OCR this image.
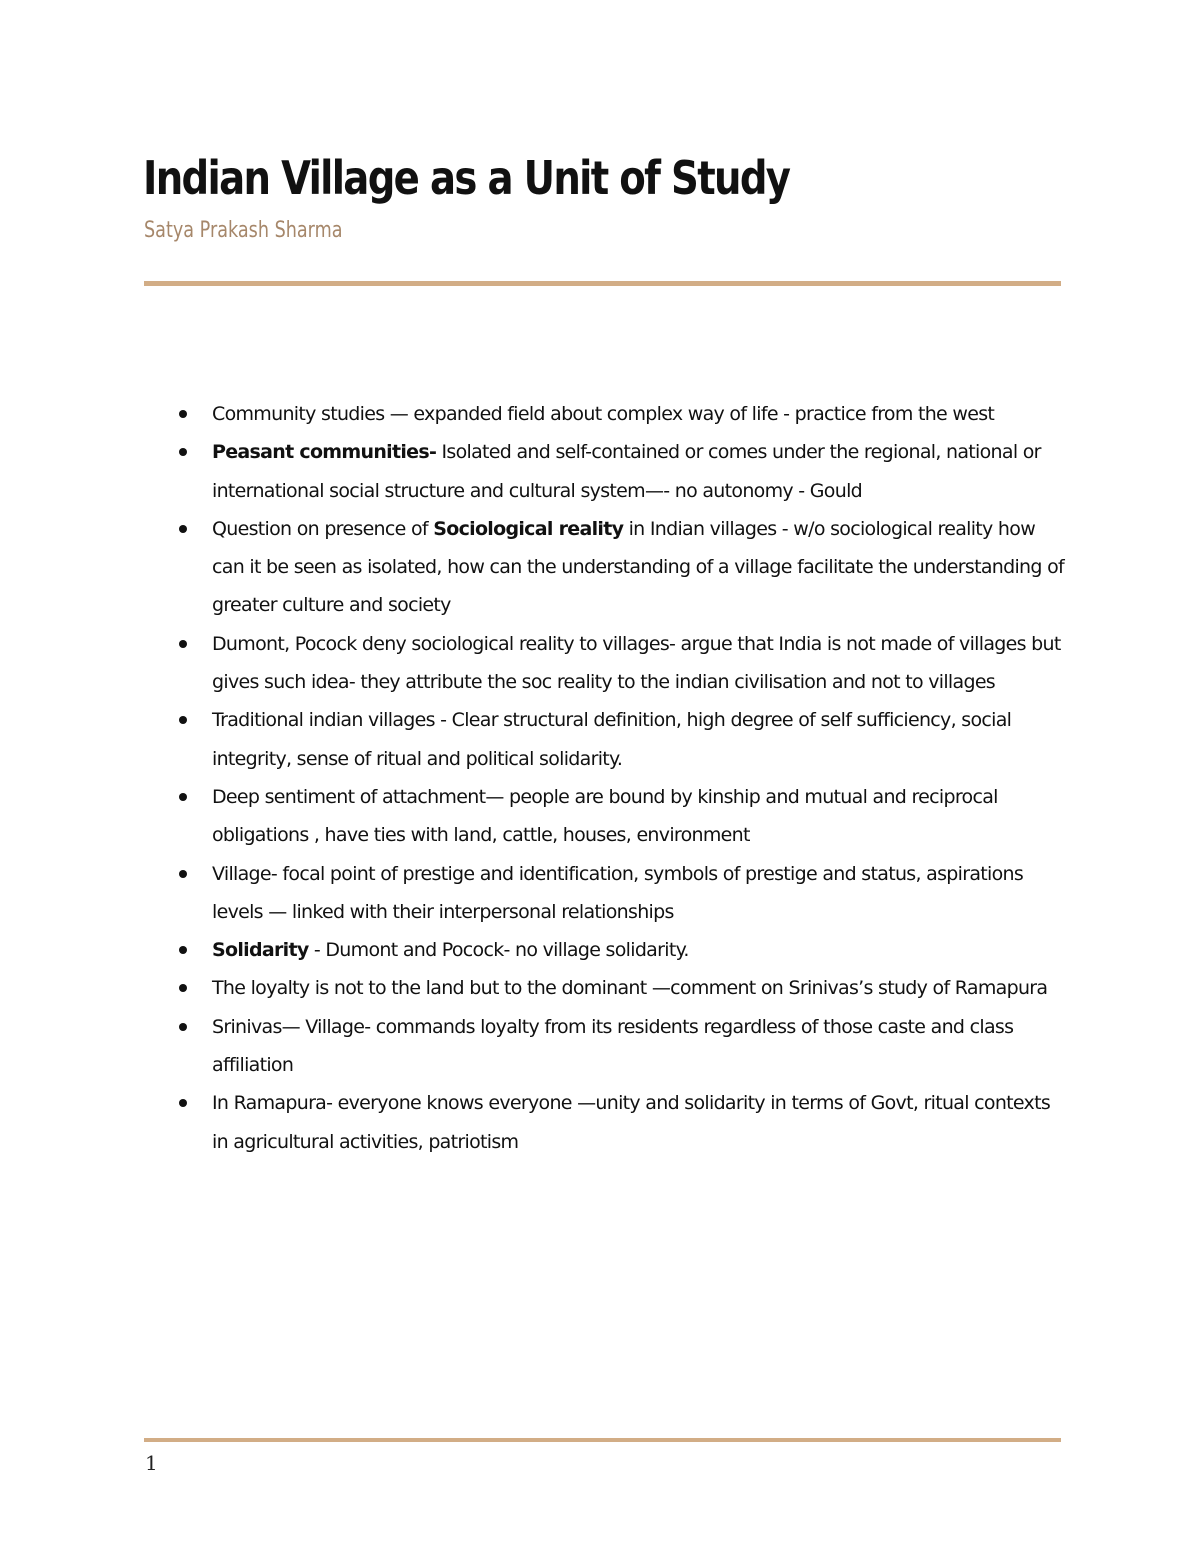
Indian Village as a Unit of Study
Satya Prakash Sharma
Community studies — expanded field about complex way of life - practice from the west
Peasant communities- Isolated and self-contained or comes under the regional, national or international social structure and cultural system—- no autonomy - Gould
Question on presence of Sociological reality in Indian villages - w/o sociological reality how can it be seen as isolated, how can the understanding of a village facilitate the understanding of greater culture and society
Dumont, Pocock deny sociological reality to villages- argue that India is not made of villages but gives such idea- they attribute the soc reality to the indian civilisation and not to villages
Traditional indian villages - Clear structural definition, high degree of self sufficiency, social integrity, sense of ritual and political solidarity.
Deep sentiment of attachment— people are bound by kinship and mutual and reciprocal obligations , have ties with land, cattle, houses, environment
Village- focal point of prestige and identification, symbols of prestige and status, aspirations levels — linked with their interpersonal relationships
Solidarity - Dumont and Pocock- no village solidarity.
The loyalty is not to the land but to the dominant —comment on Srinivas’s study of Ramapura
Srinivas— Village- commands loyalty from its residents regardless of those caste and class affiliation
In Ramapura- everyone knows everyone —unity and solidarity in terms of Govt, ritual contexts in agricultural activities, patriotism
1
